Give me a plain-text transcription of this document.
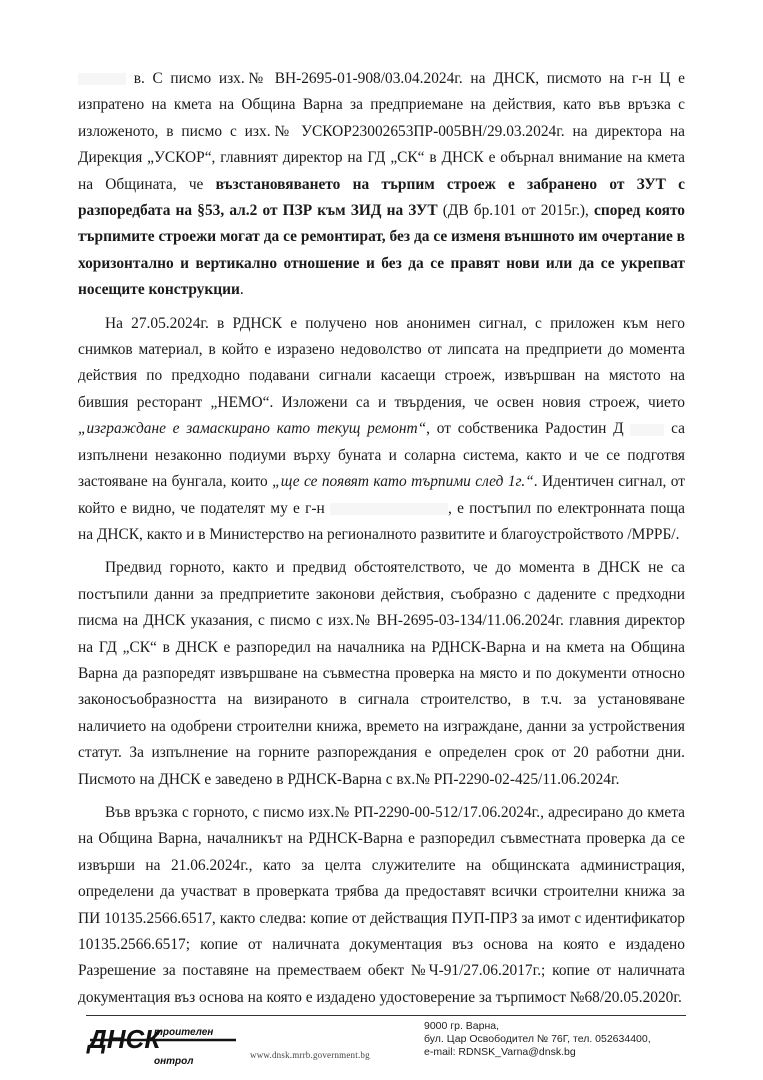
в. С писмо изх.№ ВН-2695-01-908/03.04.2024г. на ДНСК, писмото на г-н Ц е изпратено на кмета на Община Варна за предприемане на действия, като във връзка с изложеното, в писмо с изх.№ УСКОР23002653ПР-005ВН/29.03.2024г. на директора на Дирекция „УСКОР“, главният директор на ГД „СК“ в ДНСК е обърнал внимание на кмета на Общината, че възстановяването на търпим строеж е забранено от ЗУТ с разпоредбата на §53, ал.2 от ПЗР към ЗИД на ЗУТ (ДВ бр.101 от 2015г.), според която търпимите строежи могат да се ремонтират, без да се изменя външното им очертание в хоризонтално и вертикално отношение и без да се правят нови или да се укрепват носещите конструкции.

На 27.05.2024г. в РДНСК е получено нов анонимен сигнал, с приложен към него снимков материал, в който е изразено недоволство от липсата на предприети до момента действия по предходно подавани сигнали касаещи строеж, извършван на мястото на бившия ресторант „НЕМО“. Изложени са и твърдения, че освен новия строеж, чието „изграждане е замаскирано като текущ ремонт“, от собственика Радостин Д	са изпълнени незаконно подиуми върху буната и соларна система, както и че се подготвя застояване на бунгала, които „ще се появят като търпими след 1г.“. Идентичен сигнал, от който е видно, че подателят му е г-н	, е постъпил по електронната поща на ДНСК, както и в Министерство на регионалното развитите и благоустройството /МРРБ/.

Предвид горното, както и предвид обстоятелството, че до момента в ДНСК не са постъпили данни за предприетите законови действия, съобразно с дадените с предходни писма на ДНСК указания, с писмо с изх.№ ВН-2695-03-134/11.06.2024г. главния директор на ГД „СК“ в ДНСК е разпоредил на началника на РДНСК-Варна и на кмета на Община Варна да разпоредят извършване на съвместна проверка на място и по документи относно законосъобразността на визираното в сигнала строителство, в т.ч. за установяване наличието на одобрени строителни книжа, времето на изграждане, данни за устройствения статут. За изпълнение на горните разпореждания е определен срок от 20 работни дни. Писмото на ДНСК е заведено в РДНСК-Варна с вх.№ РП-2290-02-425/11.06.2024г.

Във връзка с горното, с писмо изх.№ РП-2290-00-512/17.06.2024г., адресирано до кмета на Община Варна, началникът на РДНСК-Варна е разпоредил съвместната проверка да се извърши на 21.06.2024г., като за целта служителите на общинската администрация, определени да участват в проверката трябва да предоставят всички строителни книжа за ПИ 10135.2566.6517, както следва: копие от действащия ПУП-ПРЗ за имот с идентификатор 10135.2566.6517; копие от наличната документация въз основа на която е издадено Разрешение за поставяне на преместваем обект №Ч-91/27.06.2017г.; копие от наличната документация въз основа на която е издадено удостоверение за търпимост №68/20.05.2020г.

ДНСК
троителен
онтрол
www.dnsk.mrrb.government.bg
9000 гр. Варна,
бул. Цар Освободител № 76Г, тел. 052634400,
e-mail: RDNSK_Varna@dnsk.bg
